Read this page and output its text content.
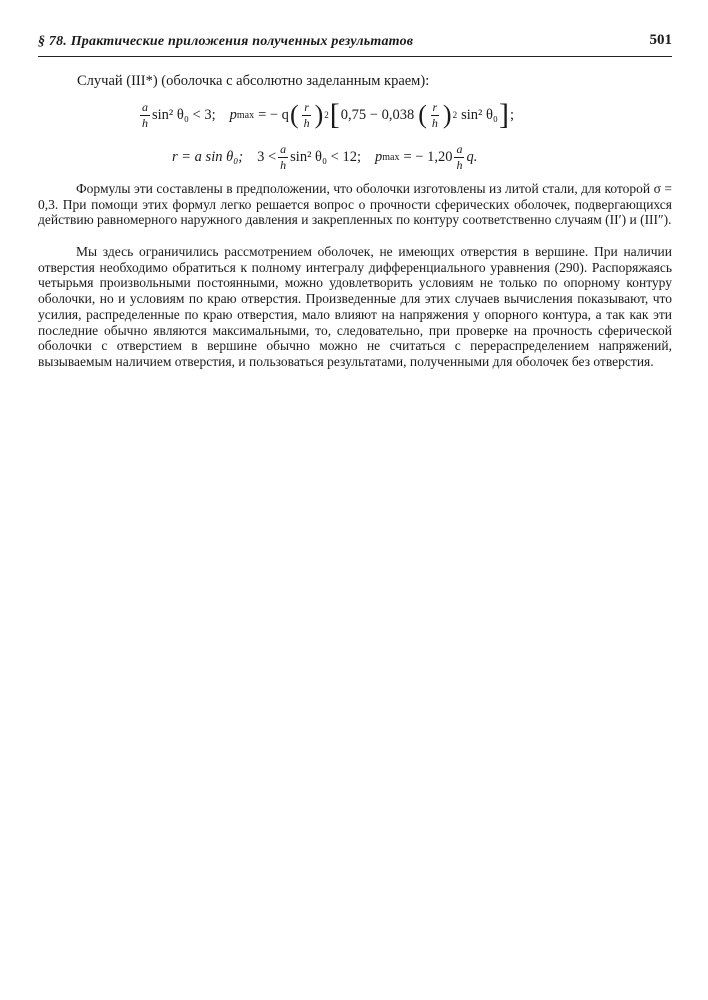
§ 78. Практические приложения полученных результатов	501
Случай (III*) (оболочка с абсолютно заделанным краем):
$\frac{a}{h} \sin^2$ θ₀ < 3; p max = − q ( $\frac{r}{h}$ ) 2 [ 0,75 − 0,038 ( $\frac{r}{h}$ ) 2 sin² θ₀ ] ;
r = a sin θ₀; $3 < \frac{a}{h} \sin^2$ θ₀ < 12; p max = − $1,20 \frac{a}{h} q$.

Формулы эти составлены в предположении, что оболочки изготовлены из литой стали, для которой σ = 0,3. При помощи этих формул легко решается вопрос о прочности сферических оболочек, подвергающихся действию равномерного наружного давления и закрепленных по контуру соответственно случаям (II′) и (III″).

Мы здесь ограничились рассмотрением оболочек, не имеющих отверстия в вершине. При наличии отверстия необходимо обратиться к полному интегралу дифференциального уравнения (290). Распоряжаясь четырьмя произвольными постоянными, можно удовлетворить условиям не только по опорному контуру оболочки, но и условиям по краю отверстия. Произведенные для этих случаев вычисления показывают, что усилия, распределенные по краю отверстия, мало влияют на напряжения у опорного контура, а так как эти последние обычно являются максимальными, то, следовательно, при проверке на прочность сферической оболочки с отверстием в вершине обычно можно не считаться с перераспределением напряжений, вызываемым наличием отверстия, и пользоваться результатами, полученными для оболочек без отверстия.
